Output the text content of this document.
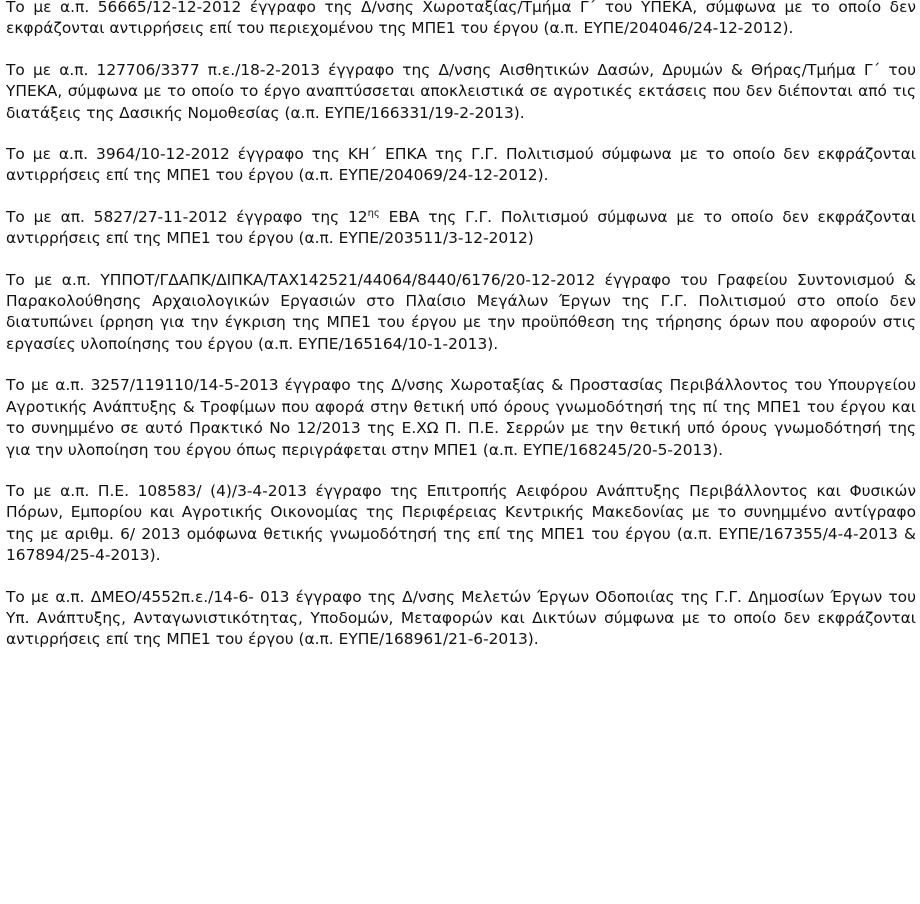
Το με α.π. 56665/12-12-2012 έγγραφο της Δ/νσης Χωροταξίας/Τμήμα Γ΄ του ΥΠΕΚΑ, σύμφωνα με το οποίο δεν εκφράζονται αντιρρήσεις επί του περιεχομένου της ΜΠΕ1 του έργου (α.π. ΕΥΠΕ/204046/24-12-2012).

Το με α.π. 127706/3377 π.ε./18-2-2013 έγγραφο της Δ/νσης Αισθητικών Δασών, Δρυμών & Θήρας/Τμήμα Γ΄ του ΥΠΕΚΑ, σύμφωνα με το οποίο το έργο αναπτύσσεται αποκλειστικά σε αγροτικές εκτάσεις που δεν διέπονται από τις διατάξεις της Δασικής Νομοθεσίας (α.π. ΕΥΠΕ/166331/19-2-2013).

Το με α.π. 3964/10-12-2012 έγγραφο της ΚΗ΄ ΕΠΚΑ της Γ.Γ. Πολιτισμού σύμφωνα με το οποίο δεν εκφράζονται αντιρρήσεις επί της ΜΠΕ1 του έργου (α.π. ΕΥΠΕ/204069/24-12-2012).

Το με απ. 5827/27-11-2012 έγγραφο της $12^{\eta\varsigma}$ ΕΒΑ της Γ.Γ. Πολιτισμού σύμφωνα με το οποίο δεν εκφράζονται αντιρρήσεις επί της ΜΠΕ1 του έργου (α.π. ΕΥΠΕ/203511/3-12-2012)

Το με α.π. ΥΠΠΟΤ/ΓΔΑΠΚ/ΔΙΠΚΑ/ΤΑΧ142521/44064/8440/6176/20-12-2012 έγγραφο του Γραφείου Συντονισμού & Παρακολούθησης Αρχαιολογικών Εργασιών στο Πλαίσιο Μεγάλων Έργων της Γ.Γ. Πολιτισμού στο οποίο δεν διατυπώνει ίρρηση για την έγκριση της ΜΠΕ1 του έργου με την προϋπόθεση της τήρησης όρων που αφορούν στις εργασίες υλοποίησης του έργου (α.π. ΕΥΠΕ/165164/10-1-2013).

Το με α.π. 3257/119110/14-5-2013 έγγραφο της Δ/νσης Χωροταξίας & Προστασίας Περιβάλλοντος του Υπουργείου Αγροτικής Ανάπτυξης & Τροφίμων που αφορά στην θετική υπό όρους γνωμοδότησή της πί της ΜΠΕ1 του έργου και το συνημμένο σε αυτό Πρακτικό Νο 12/2013 της Ε.ΧΩ Π. Π.Ε. Σερρών με την θετική υπό όρους γνωμοδότησή της για την υλοποίηση του έργου όπως περιγράφεται στην ΜΠΕ1 (α.π. ΕΥΠΕ/168245/20-5-2013).

Το με α.π. Π.Ε. 108583/ (4)/3-4-2013 έγγραφο της Επιτροπής Αειφόρου Ανάπτυξης Περιβάλλοντος και Φυσικών Πόρων, Εμπορίου και Αγροτικής Οικονομίας της Περιφέρειας Κεντρικής Μακεδονίας με το συνημμένο αντίγραφο της με αριθμ. 6/ 2013 ομόφωνα θετικής γνωμοδότησή της επί της ΜΠΕ1 του έργου (α.π. ΕΥΠΕ/167355/4-4-2013 & 167894/25-4-2013).

Το με α.π. ΔΜΕΟ/4552π.ε./14-6- 013 έγγραφο της Δ/νσης Μελετών Έργων Οδοποιίας της Γ.Γ. Δημοσίων Έργων του Υπ. Ανάπτυξης, Ανταγωνιστικότητας, Υποδομών, Μεταφορών και Δικτύων σύμφωνα με το οποίο δεν εκφράζονται αντιρρήσεις επί της ΜΠΕ1 του έργου (α.π. ΕΥΠΕ/168961/21-6-2013).
